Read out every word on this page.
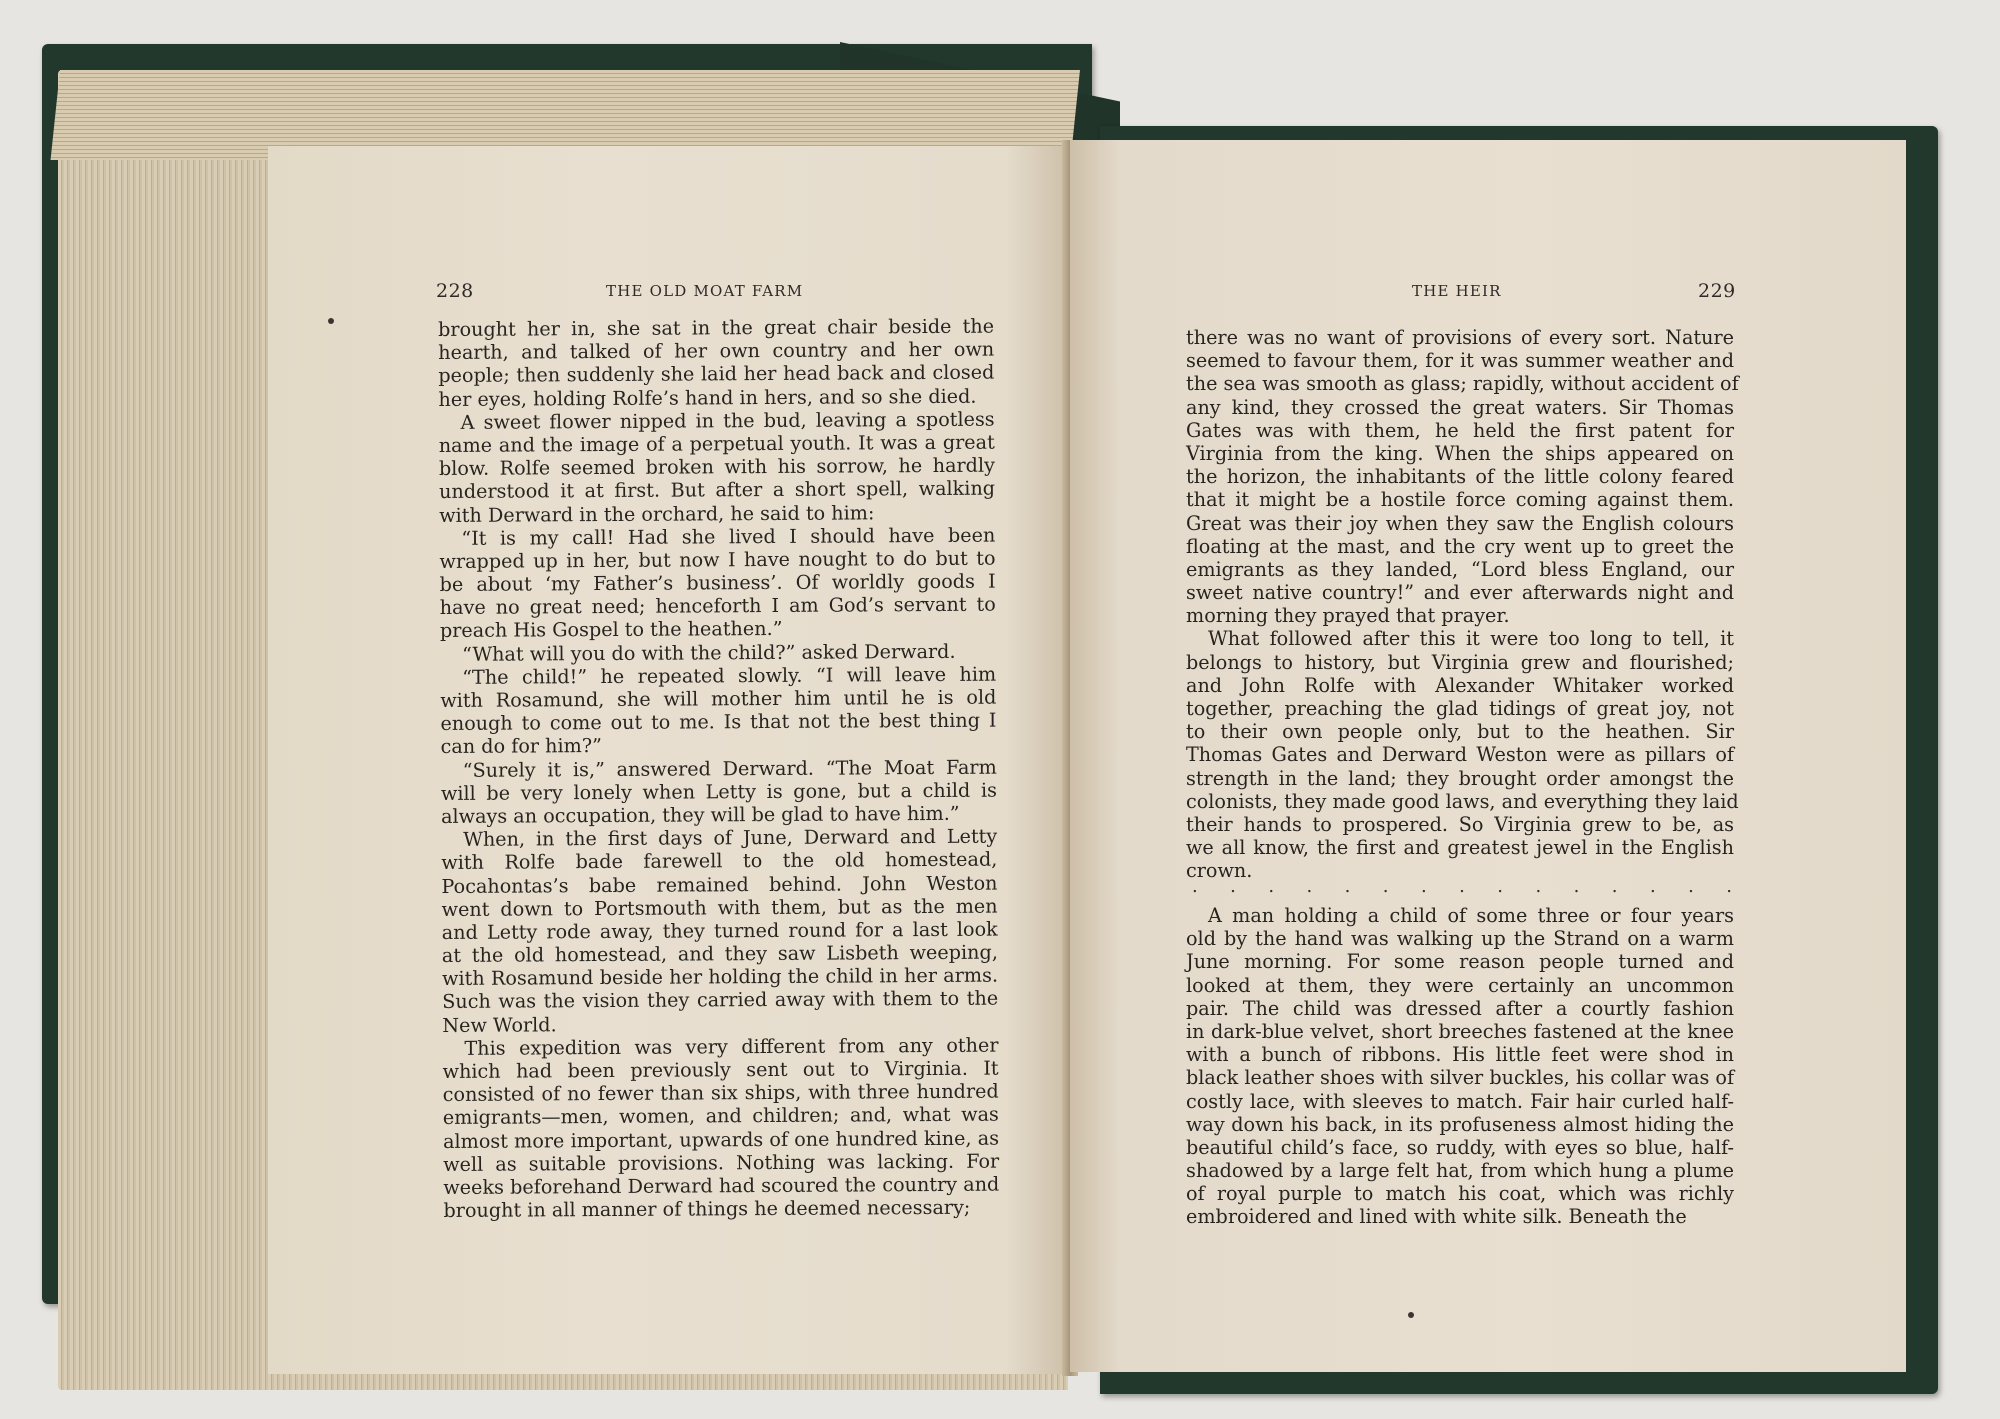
228	THE OLD MOAT FARM
brought her in, she sat in the great chair beside the
hearth, and talked of her own country and her own
people; then suddenly she laid her head back and closed
her eyes, holding Rolfe’s hand in hers, and so she died.
A sweet flower nipped in the bud, leaving a spotless
name and the image of a perpetual youth. It was a great
blow. Rolfe seemed broken with his sorrow, he hardly
understood it at first. But after a short spell, walking
with Derward in the orchard, he said to him:
“It is my call! Had she lived I should have been
wrapped up in her, but now I have nought to do but to
be about ‘my Father’s business’. Of worldly goods I
have no great need; henceforth I am God’s servant to
preach His Gospel to the heathen.”
“What will you do with the child?” asked Derward.
“The child!” he repeated slowly. “I will leave him
with Rosamund, she will mother him until he is old
enough to come out to me. Is that not the best thing I
can do for him?”
“Surely it is,” answered Derward. “The Moat Farm
will be very lonely when Letty is gone, but a child is
always an occupation, they will be glad to have him.”
When, in the first days of June, Derward and Letty
with Rolfe bade farewell to the old homestead,
Pocahontas’s babe remained behind. John Weston
went down to Portsmouth with them, but as the men
and Letty rode away, they turned round for a last look
at the old homestead, and they saw Lisbeth weeping,
with Rosamund beside her holding the child in her arms.
Such was the vision they carried away with them to the
New World.
This expedition was very different from any other
which had been previously sent out to Virginia. It
consisted of no fewer than six ships, with three hundred
emigrants—men, women, and children; and, what was
almost more important, upwards of one hundred kine, as
well as suitable provisions. Nothing was lacking. For
weeks beforehand Derward had scoured the country and
brought in all manner of things he deemed necessary;
THE HEIR	229
there was no want of provisions of every sort. Nature
seemed to favour them, for it was summer weather and
the sea was smooth as glass; rapidly, without accident of
any kind, they crossed the great waters. Sir Thomas
Gates was with them, he held the first patent for
Virginia from the king. When the ships appeared on
the horizon, the inhabitants of the little colony feared
that it might be a hostile force coming against them.
Great was their joy when they saw the English colours
floating at the mast, and the cry went up to greet the
emigrants as they landed, “Lord bless England, our
sweet native country!” and ever afterwards night and
morning they prayed that prayer.
What followed after this it were too long to tell, it
belongs to history, but Virginia grew and flourished;
and John Rolfe with Alexander Whitaker worked
together, preaching the glad tidings of great joy, not
to their own people only, but to the heathen. Sir
Thomas Gates and Derward Weston were as pillars of
strength in the land; they brought order amongst the
colonists, they made good laws, and everything they laid
their hands to prospered. So Virginia grew to be, as
we all know, the first and greatest jewel in the English
crown.
. . . . . . . . . . . . . . .
A man holding a child of some three or four years
old by the hand was walking up the Strand on a warm
June morning. For some reason people turned and
looked at them, they were certainly an uncommon
pair. The child was dressed after a courtly fashion
in dark-blue velvet, short breeches fastened at the knee
with a bunch of ribbons. His little feet were shod in
black leather shoes with silver buckles, his collar was of
costly lace, with sleeves to match. Fair hair curled half-
way down his back, in its profuseness almost hiding the
beautiful child’s face, so ruddy, with eyes so blue, half-
shadowed by a large felt hat, from which hung a plume
of royal purple to match his coat, which was richly
embroidered and lined with white silk. Beneath the
